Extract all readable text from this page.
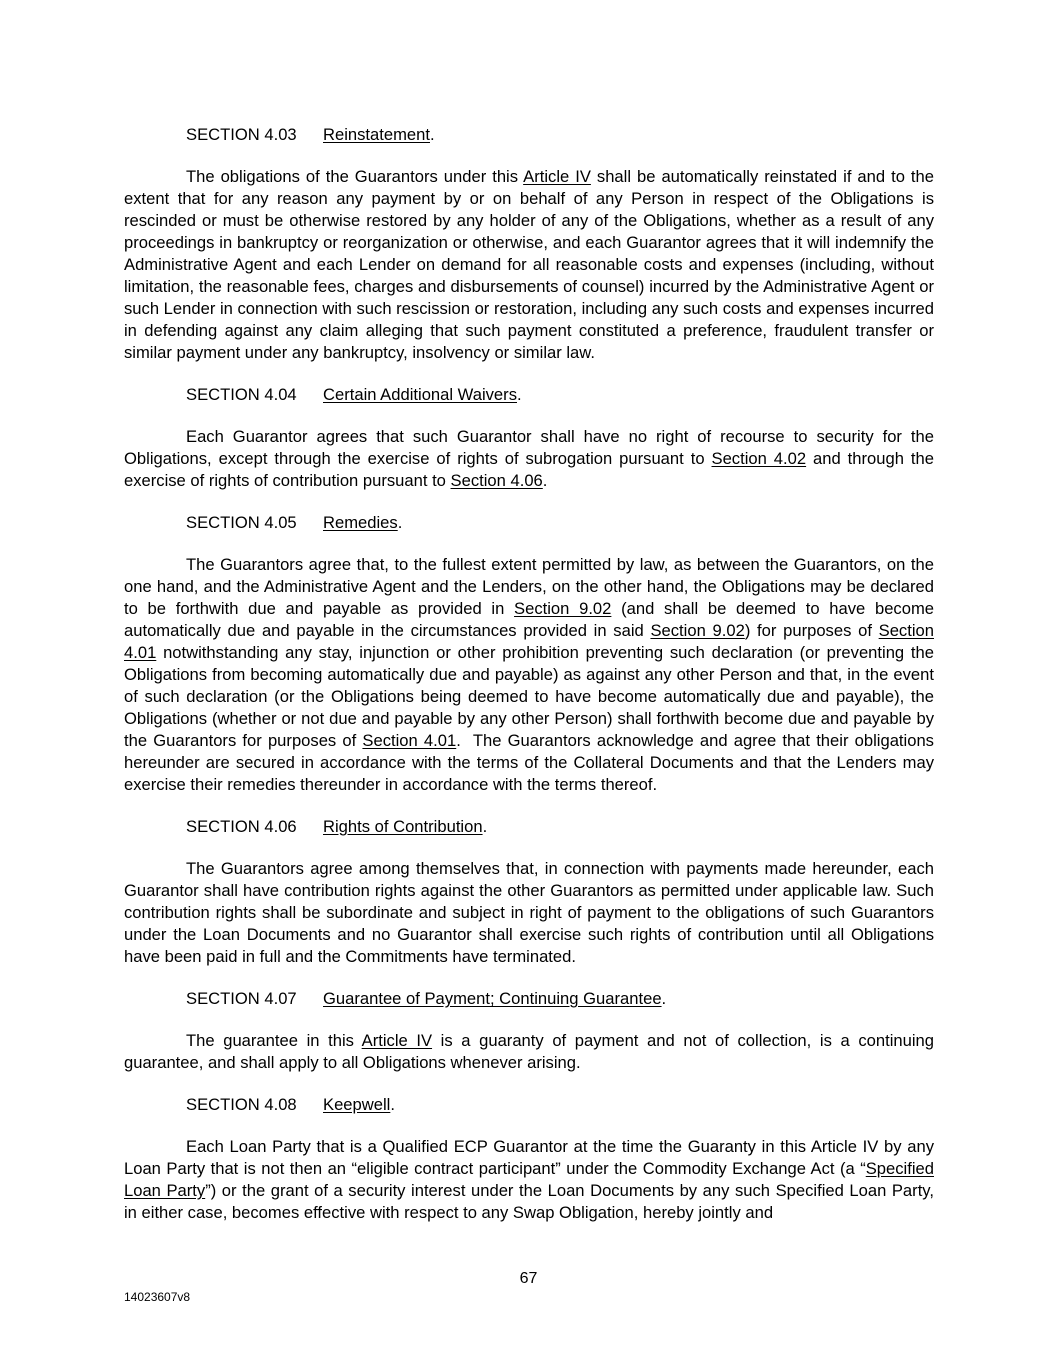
SECTION 4.03 Reinstatement.

The obligations of the Guarantors under this Article IV shall be automatically reinstated if and to the extent that for any reason any payment by or on behalf of any Person in respect of the Obligations is rescinded or must be otherwise restored by any holder of any of the Obligations, whether as a result of any proceedings in bankruptcy or reorganization or otherwise, and each Guarantor agrees that it will indemnify the Administrative Agent and each Lender on demand for all reasonable costs and expenses (including, without limitation, the reasonable fees, charges and disbursements of counsel) incurred by the Administrative Agent or such Lender in connection with such rescission or restoration, including any such costs and expenses incurred in defending against any claim alleging that such payment constituted a preference, fraudulent transfer or similar payment under any bankruptcy, insolvency or similar law.

SECTION 4.04 Certain Additional Waivers.

Each Guarantor agrees that such Guarantor shall have no right of recourse to security for the Obligations, except through the exercise of rights of subrogation pursuant to Section 4.02 and through the exercise of rights of contribution pursuant to Section 4.06.

SECTION 4.05 Remedies.

The Guarantors agree that, to the fullest extent permitted by law, as between the Guarantors, on the one hand, and the Administrative Agent and the Lenders, on the other hand, the Obligations may be declared to be forthwith due and payable as provided in Section 9.02 (and shall be deemed to have become automatically due and payable in the circumstances provided in said Section 9.02) for purposes of Section 4.01 notwithstanding any stay, injunction or other prohibition preventing such declaration (or preventing the Obligations from becoming automatically due and payable) as against any other Person and that, in the event of such declaration (or the Obligations being deemed to have become automatically due and payable), the Obligations (whether or not due and payable by any other Person) shall forthwith become due and payable by the Guarantors for purposes of Section 4.01.  The Guarantors acknowledge and agree that their obligations hereunder are secured in accordance with the terms of the Collateral Documents and that the Lenders may exercise their remedies thereunder in accordance with the terms thereof.

SECTION 4.06 Rights of Contribution.

The Guarantors agree among themselves that, in connection with payments made hereunder, each Guarantor shall have contribution rights against the other Guarantors as permitted under applicable law. Such contribution rights shall be subordinate and subject in right of payment to the obligations of such Guarantors under the Loan Documents and no Guarantor shall exercise such rights of contribution until all Obligations have been paid in full and the Commitments have terminated.

SECTION 4.07 Guarantee of Payment; Continuing Guarantee.

The guarantee in this Article IV is a guaranty of payment and not of collection, is a continuing guarantee, and shall apply to all Obligations whenever arising.

SECTION 4.08 Keepwell.

Each Loan Party that is a Qualified ECP Guarantor at the time the Guaranty in this Article IV by any Loan Party that is not then an “eligible contract participant” under the Commodity Exchange Act (a “Specified Loan Party”) or the grant of a security interest under the Loan Documents by any such Specified Loan Party, in either case, becomes effective with respect to any Swap Obligation, hereby jointly and

67
14023607v8
